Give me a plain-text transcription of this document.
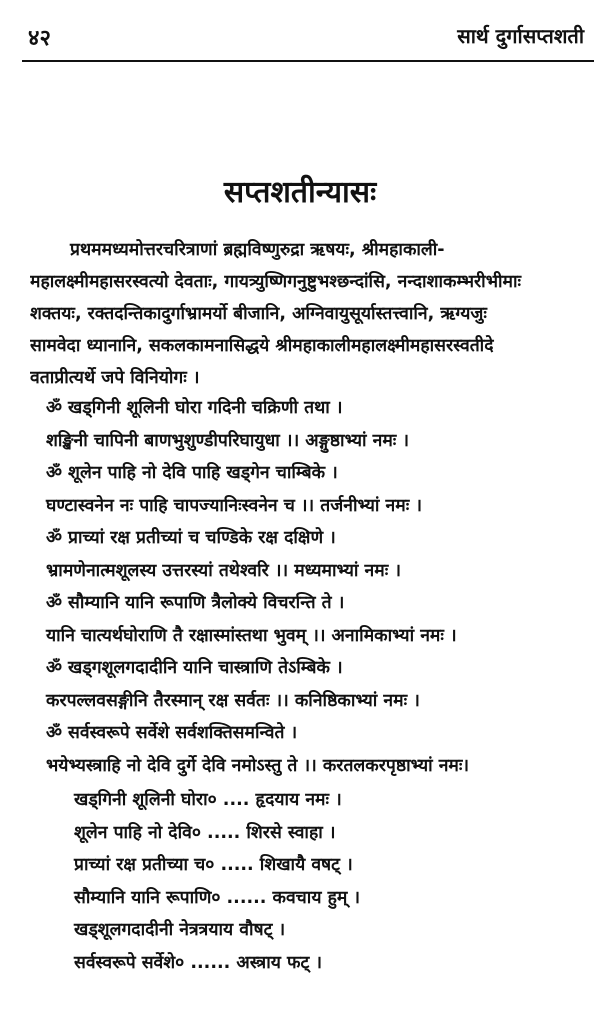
४२	सार्थ दुर्गासप्तशती
सप्तशतीन्यासः
प्रथममध्यमोत्तरचरित्राणां ब्रह्मविष्णुरुद्रा ऋषयः, श्रीमहाकाली-
महालक्ष्मीमहासरस्वत्यो देवताः, गायत्र्युष्णिगनुष्टुभश्छन्दांसि, नन्दाशाकम्भरीभीमाः
शक्तयः, रक्तदन्तिकादुर्गाभ्रामर्यो बीजानि, अग्निवायुसूर्यास्तत्त्वानि, ऋग्यजुः
सामवेदा ध्यानानि, सकलकामनासिद्धये श्रीमहाकालीमहालक्ष्मीमहासरस्वतीदे
वताप्रीत्यर्थे जपे विनियोगः ।
ॐ खड्गिनी शूलिनी घोरा गदिनी चक्रिणी तथा ।
शङ्खिनी चापिनी बाणभुशुण्डीपरिघायुधा ।। अङ्गुष्ठाभ्यां नमः ।
ॐ शूलेन पाहि नो देवि पाहि खड्गेन चाम्बिके ।
घण्टास्वनेन नः पाहि चापज्यानिःस्वनेन च ।। तर्जनीभ्यां नमः ।
ॐ प्राच्यां रक्ष प्रतीच्यां च चण्डिके रक्ष दक्षिणे ।
भ्रामणेनात्मशूलस्य उत्तरस्यां तथेश्वरि ।। मध्यमाभ्यां नमः ।
ॐ सौम्यानि यानि रूपाणि त्रैलोक्ये विचरन्ति ते ।
यानि चात्यर्थघोराणि तै रक्षास्मांस्तथा भुवम् ।। अनामिकाभ्यां नमः ।
ॐ खड्गशूलगदादीनि यानि चास्त्राणि तेऽम्बिके ।
करपल्लवसङ्गीनि तैरस्मान् रक्ष सर्वतः ।। कनिष्ठिकाभ्यां नमः ।
ॐ सर्वस्वरूपे सर्वेशे सर्वशक्तिसमन्विते ।
भयेभ्यस्त्राहि नो देवि दुर्गे देवि नमोऽस्तु ते ।। करतलकरपृष्ठाभ्यां नमः।
खड्गिनी शूलिनी घोरा० .... हृदयाय नमः ।
शूलेन पाहि नो देवि० ..... शिरसे स्वाहा ।
प्राच्यां रक्ष प्रतीच्या च० ..... शिखायै वषट् ।
सौम्यानि यानि रूपाणि० ...... कवचाय हुम् ।
खड्शूलगदादीनी नेत्रत्रयाय वौषट् ।
सर्वस्वरूपे सर्वेशे० ...... अस्त्राय फट् ।
